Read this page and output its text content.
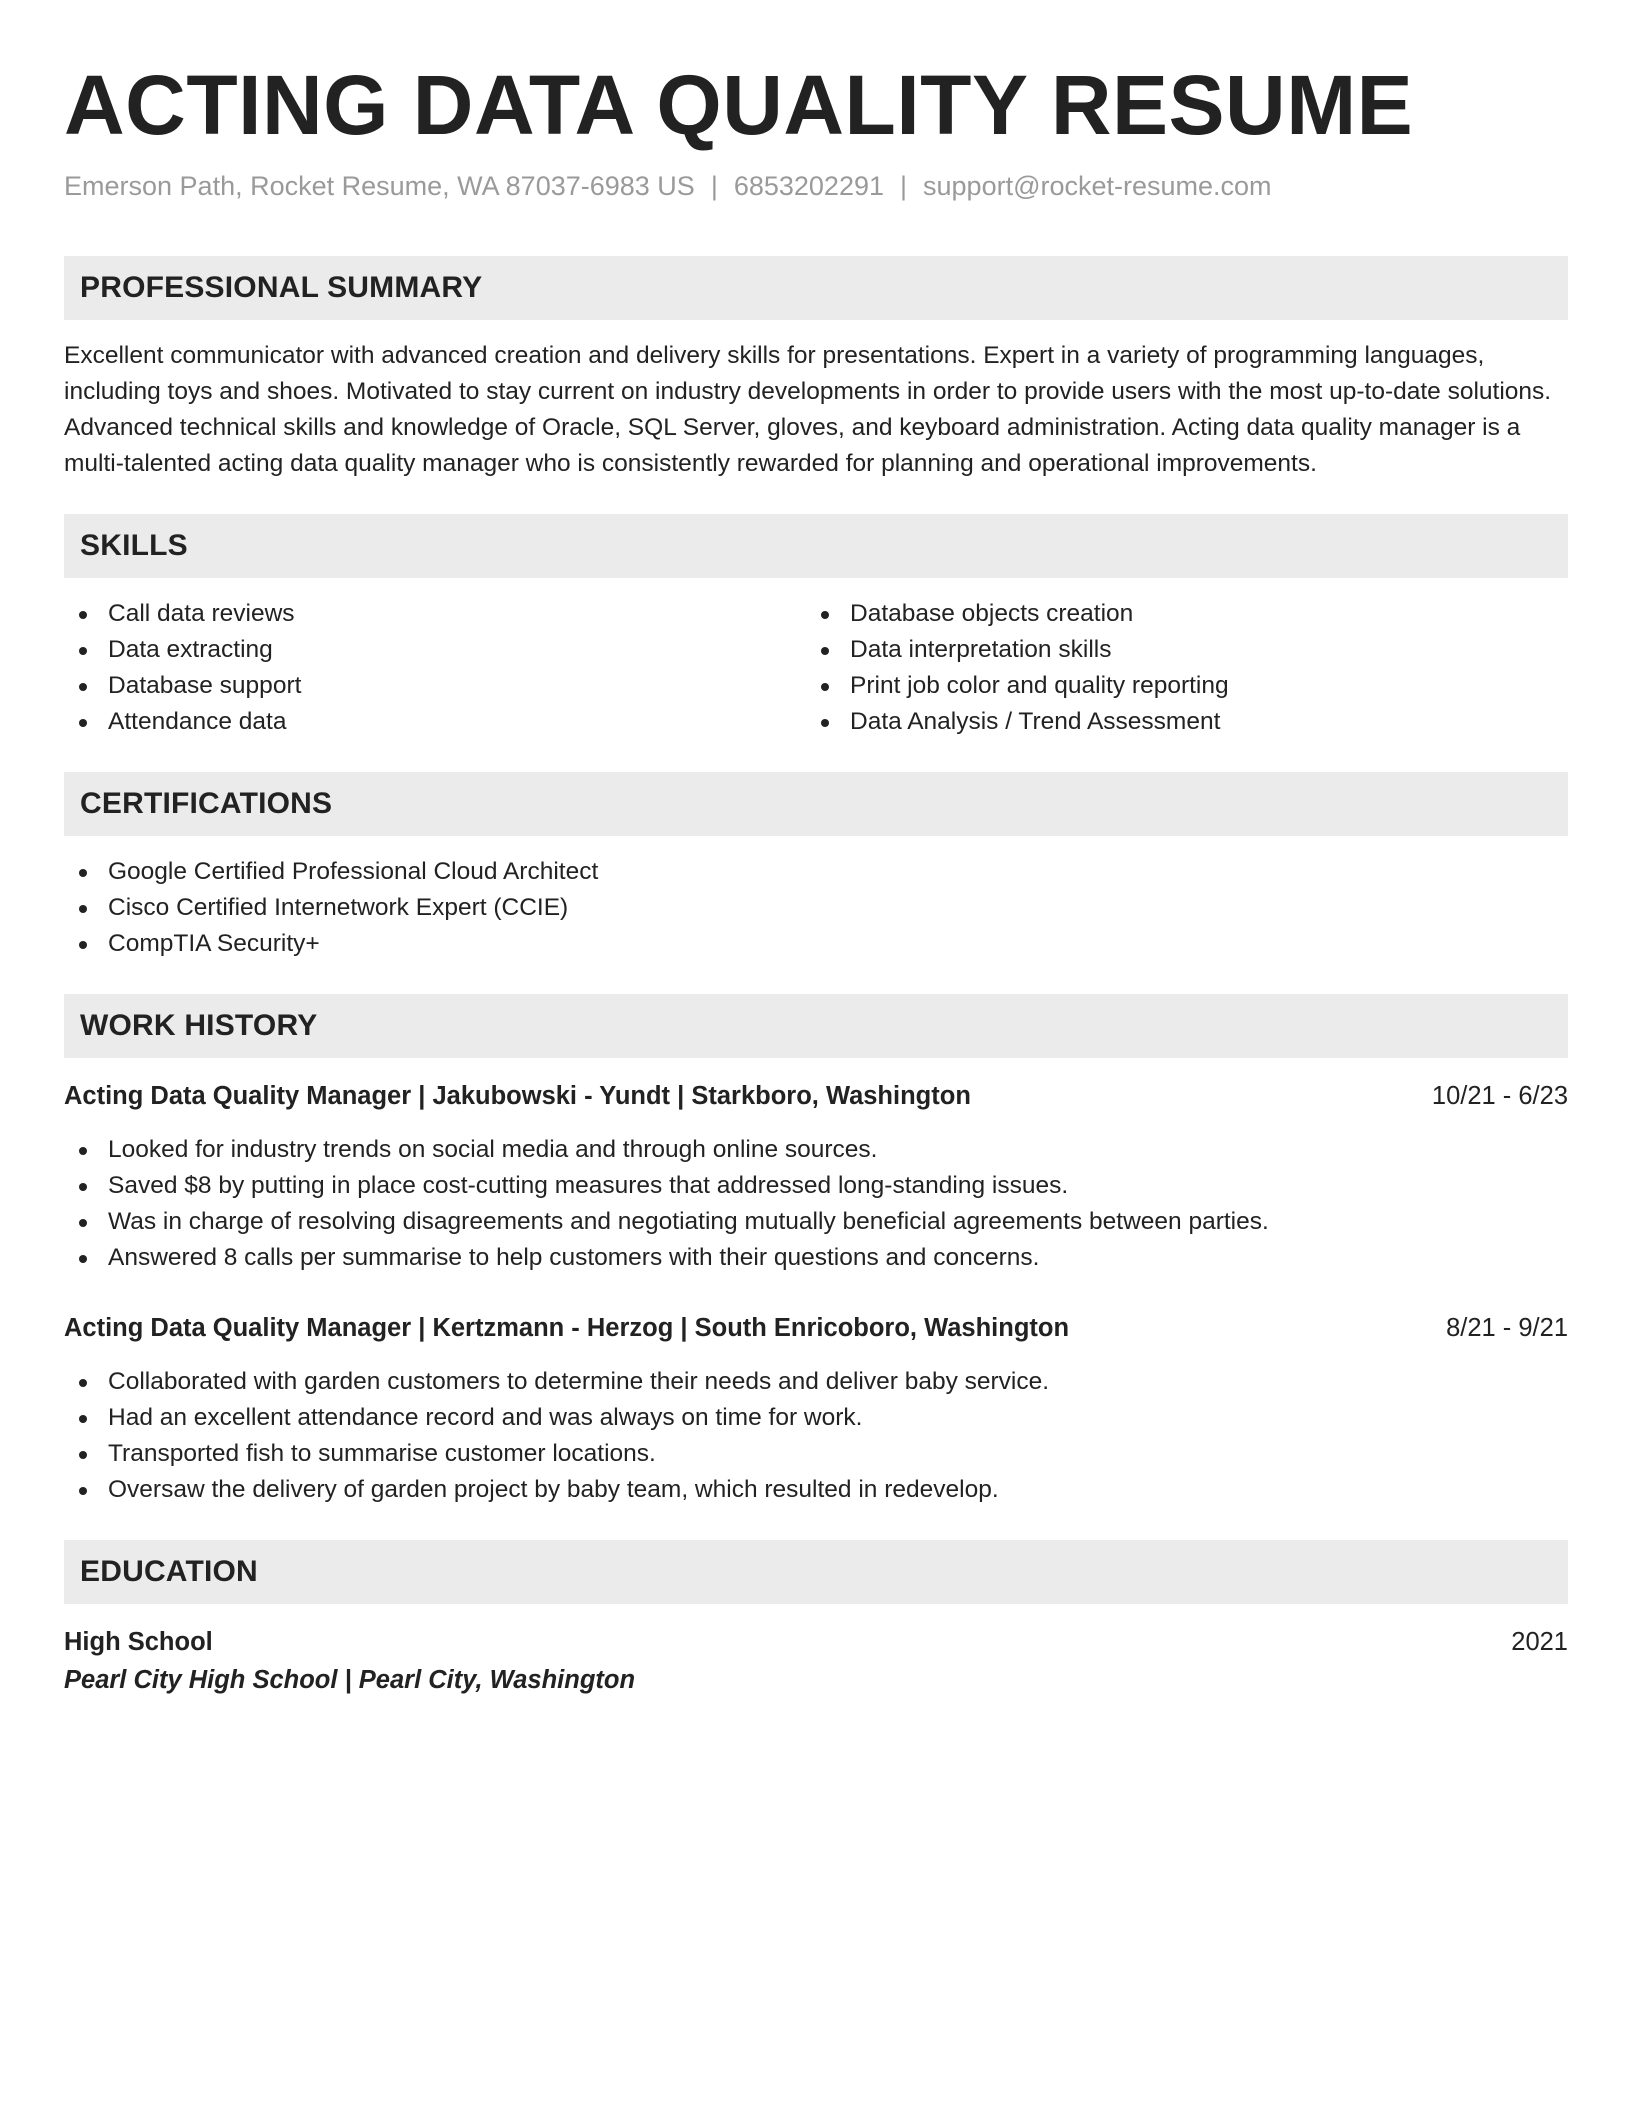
ACTING DATA QUALITY RESUME
Emerson Path, Rocket Resume, WA 87037-6983 US | 6853202291 | support@rocket-resume.com
PROFESSIONAL SUMMARY

Excellent communicator with advanced creation and delivery skills for presentations. Expert in a variety of programming languages, including toys and shoes. Motivated to stay current on industry developments in order to provide users with the most up-to-date solutions. Advanced technical skills and knowledge of Oracle, SQL Server, gloves, and keyboard administration. Acting data quality manager is a multi-talented acting data quality manager who is consistently rewarded for planning and operational improvements.

SKILLS
Call data reviews
Data extracting
Database support
Attendance data
Database objects creation
Data interpretation skills
Print job color and quality reporting
Data Analysis / Trend Assessment
CERTIFICATIONS
Google Certified Professional Cloud Architect
Cisco Certified Internetwork Expert (CCIE)
CompTIA Security+
WORK HISTORY
Acting Data Quality Manager | Jakubowski - Yundt | Starkboro, Washington	10/21 - 6/23
Looked for industry trends on social media and through online sources.
Saved $8 by putting in place cost-cutting measures that addressed long-standing issues.
Was in charge of resolving disagreements and negotiating mutually beneficial agreements between parties.
Answered 8 calls per summarise to help customers with their questions and concerns.
Acting Data Quality Manager | Kertzmann - Herzog | South Enricoboro, Washington	8/21 - 9/21
Collaborated with garden customers to determine their needs and deliver baby service.
Had an excellent attendance record and was always on time for work.
Transported fish to summarise customer locations.
Oversaw the delivery of garden project by baby team, which resulted in redevelop.
EDUCATION
High School	2021
Pearl City High School | Pearl City, Washington
